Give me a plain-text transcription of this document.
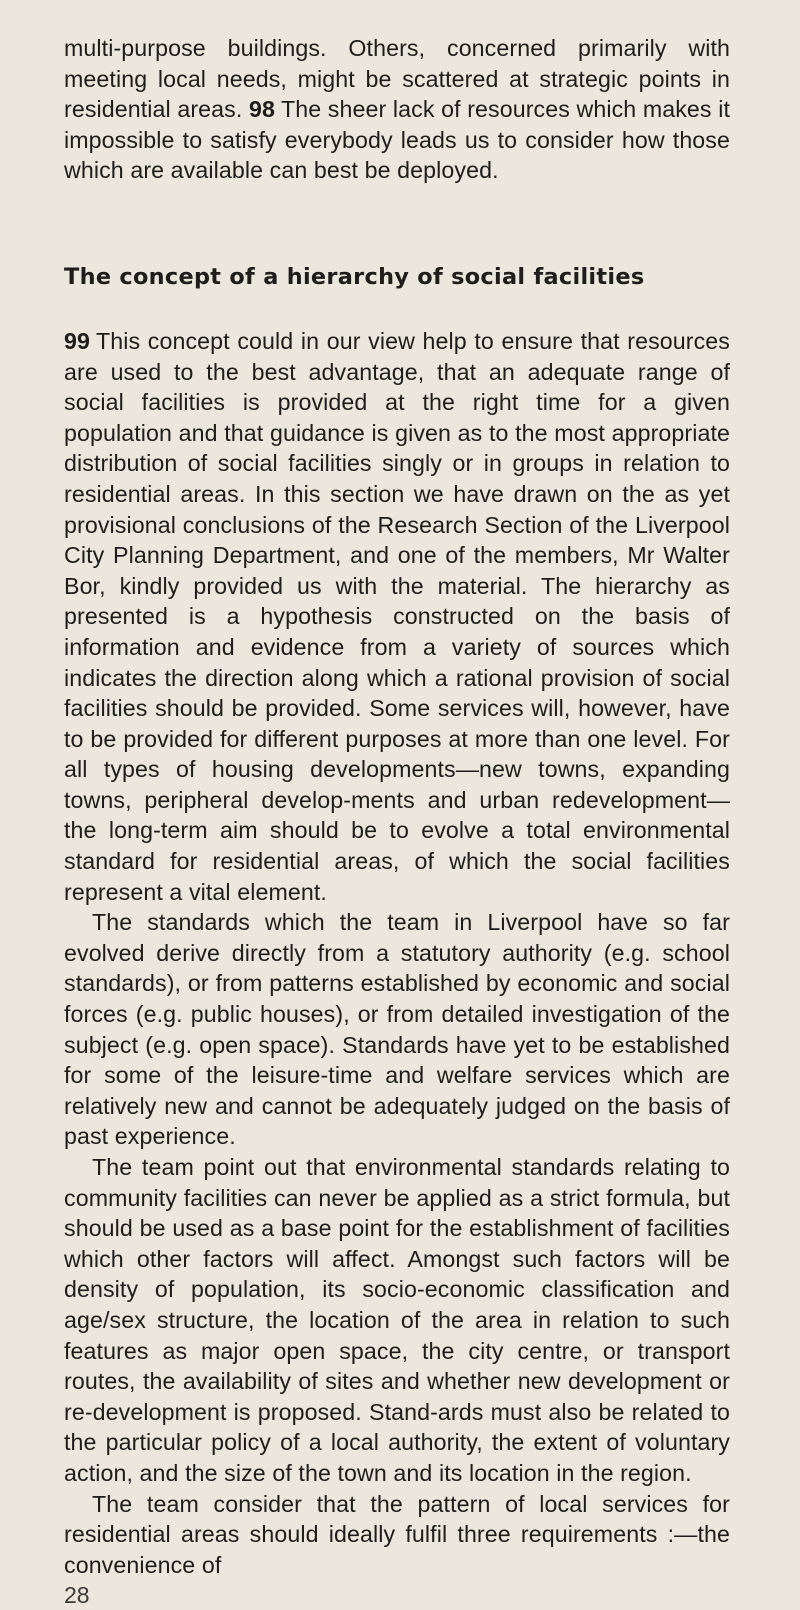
multi-purpose buildings. Others, concerned primarily with meeting local needs, might be scattered at strategic points in residential areas. 98 The sheer lack of resources which makes it impossible to satisfy everybody leads us to consider how those which are available can best be deployed.

The concept of a hierarchy of social facilities

99 This concept could in our view help to ensure that resources are used to the best advantage, that an adequate range of social facilities is provided at the right time for a given population and that guidance is given as to the most appropriate distribution of social facilities singly or in groups in relation to residential areas. In this section we have drawn on the as yet provisional conclusions of the Research Section of the Liverpool City Planning Department, and one of the members, Mr Walter Bor, kindly provided us with the material. The hierarchy as presented is a hypothesis constructed on the basis of information and evidence from a variety of sources which indicates the direction along which a rational provision of social facilities should be provided. Some services will, however, have to be provided for different purposes at more than one level. For all types of housing developments—new towns, expanding towns, peripheral develop-ments and urban redevelopment—the long-term aim should be to evolve a total environmental standard for residential areas, of which the social facilities represent a vital element.

The standards which the team in Liverpool have so far evolved derive directly from a statutory authority (e.g. school standards), or from patterns established by economic and social forces (e.g. public houses), or from detailed investigation of the subject (e.g. open space). Standards have yet to be established for some of the leisure-time and welfare services which are relatively new and cannot be adequately judged on the basis of past experience.

The team point out that environmental standards relating to community facilities can never be applied as a strict formula, but should be used as a base point for the establishment of facilities which other factors will affect. Amongst such factors will be density of population, its socio-economic classification and age/sex structure, the location of the area in relation to such features as major open space, the city centre, or transport routes, the availability of sites and whether new development or re-development is proposed. Stand-ards must also be related to the particular policy of a local authority, the extent of voluntary action, and the size of the town and its location in the region.

The team consider that the pattern of local services for residential areas should ideally fulfil three requirements :—the convenience of

28
